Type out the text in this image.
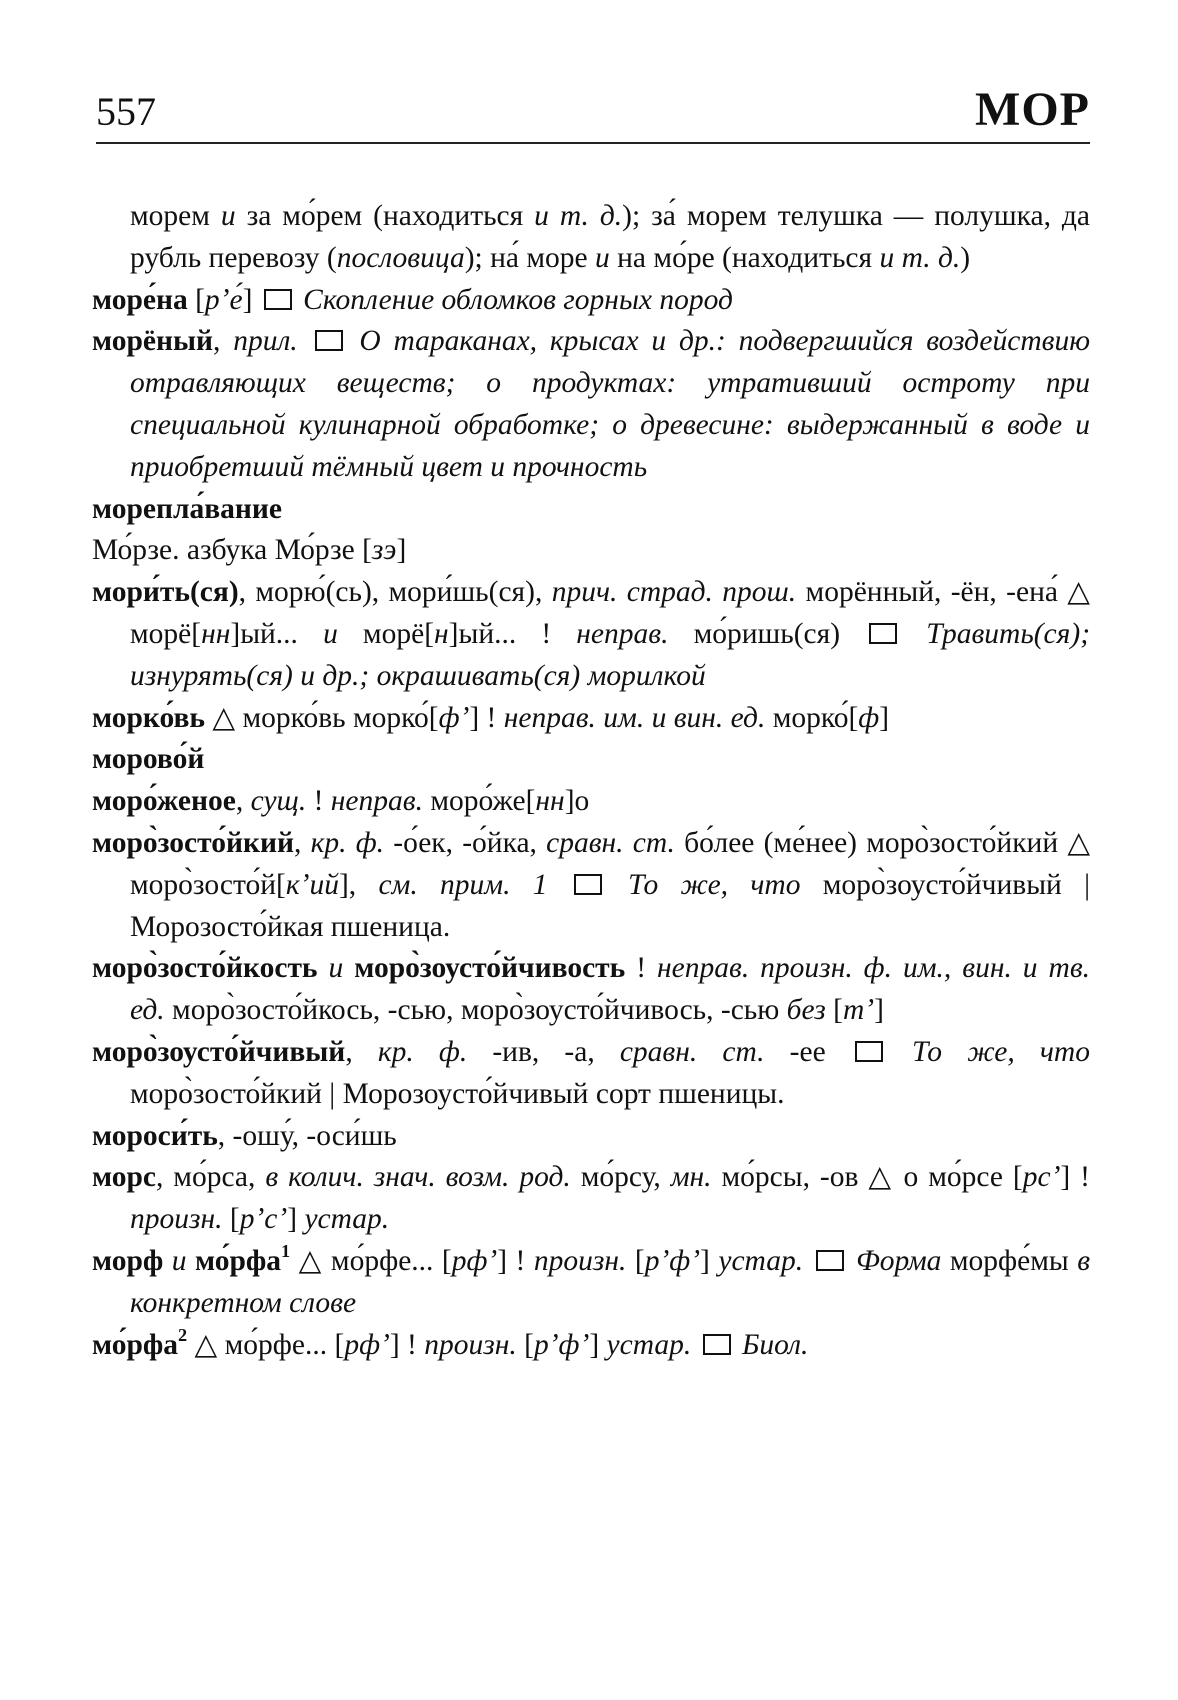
557	МОР

морем и за мо́рем (находиться и т. д.); за́ морем телушка — полушка, да рубль перевозу (пословица); на́ море и на мо́ре (находиться и т. д.)

море́на [рʼе́]  Скопление обломков горных пород

морёный, прил. О тараканах, крысах и др.: подвергшийся воздействию отравляющих веществ; о продуктах: утративший остроту при специальной кулинарной обработке; о древесине: выдержанный в воде и приобретший тёмный цвет и прочность

морепла́вание

Мо́рзе. азбука Мо́рзе [зэ]

мори́ть(ся), морю́(сь), мори́шь(ся), прич. страд. прош. морённый, -ён, -ена́ △ морё[нн]ый... и морё[н]ый... ! неправ. мо́ришь(ся)  Травить(ся); изнурять(ся) и др.; окрашивать(ся) морилкой

морко́вь △ морко́вь морко́[фʼ] ! неправ. им. и вин. ед. морко́[ф]

морово́й

моро́женое, сущ. ! неправ. моро́же[нн]о

моро̀зосто́йкий, кр. ф. -о́ек, -о́йка, сравн. ст. бо́лее (ме́нее) моро̀зосто́йкий △ моро̀зосто́й[кʼий], см. прим. 1	То же, что моро̀зоусто́йчивый | Морозосто́йкая пшеница.

моро̀зосто́йкость и моро̀зоусто́йчивость ! неправ. произн. ф. им., вин. и тв. ед. моро̀зосто́йкось, -сью, моро̀зоусто́йчивось, -сью без [тʼ]

моро̀зоусто́йчивый, кр. ф. -ив, -а, сравн. ст. -ее  То же, что моро̀зосто́йкий | Морозоусто́йчивый сорт пшеницы.

мороси́ть, -ошу́, -оси́шь

морс, мо́рса, в колич. знач. возм. род. мо́рсу, мн. мо́рсы, -ов △ о мо́рсе [рсʼ] ! произн. [рʼсʼ] устар.

морф и мо́рфа$^1$ △ мо́рфе... [рфʼ] ! произн. [рʼфʼ] устар. Форма морфе́мы в конкретном слове

мо́рфа$^2$ △ мо́рфе... [рфʼ] ! произн. [рʼфʼ] устар. Биол.
